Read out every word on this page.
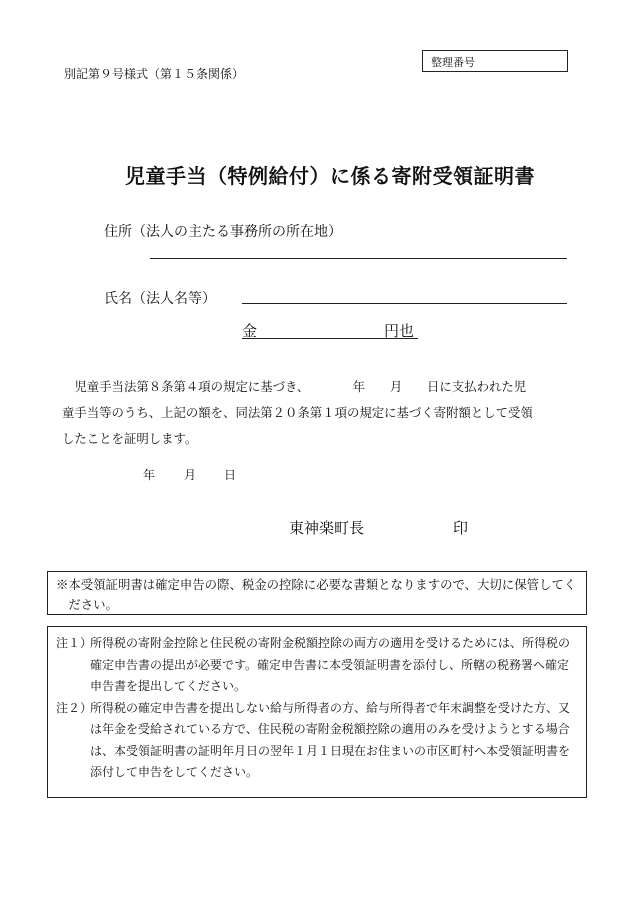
別記第９号様式（第１５条関係）
整理番号
児童手当（特例給付）に係る寄附受領証明書
住所（法人の主たる事務所の所在地）
氏名（法人名等）
金	円也

　児童手当法第８条第４項の規定に基づき、　　　　年　　月　　日に支払われた児

童手当等のうち、上記の額を、同法第２０条第１項の規定に基づく寄附額として受領

したことを証明します。

年 月 日
東神楽町長	印

※本受領証明書は確定申告の際、税金の控除に必要な書類となりますので、大切に保管してください。

注１）
所得税の寄附金控除と住民税の寄附金税額控除の両方の適用を受けるためには、所得税の確定申告書の提出が必要です。確定申告書に本受領証明書を添付し、所轄の税務署へ確定申告書を提出してください。
注２）
所得税の確定申告書を提出しない給与所得者の方、給与所得者で年末調整を受けた方、又は年金を受給されている方で、住民税の寄附金税額控除の適用のみを受けようとする場合は、本受領証明書の証明年月日の翌年１月１日現在お住まいの市区町村へ本受領証明書を添付して申告をしてください。
